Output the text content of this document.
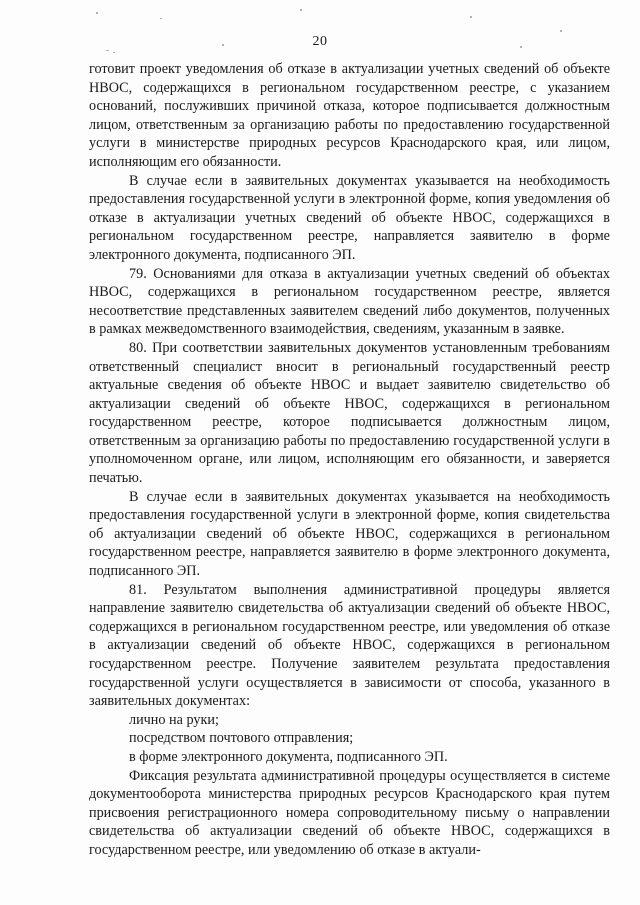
20

готовит проект уведомления об отказе в актуализации учетных сведений об объекте НВОС, содержащихся в региональном государственном реестре, с указанием оснований, послуживших причиной отказа, которое подписывается должностным лицом, ответственным за организацию работы по предоставлению государственной услуги в министерстве природных ресурсов Краснодарского края, или лицом, исполняющим его обязанности.

В случае если в заявительных документах указывается на необходимость предоставления государственной услуги в электронной форме, копия уведомления об отказе в актуализации учетных сведений об объекте НВОС, содержащихся в региональном государственном реестре, направляется заявителю в форме электронного документа, подписанного ЭП.

79. Основаниями для отказа в актуализации учетных сведений об объектах НВОС, содержащихся в региональном государственном реестре, является несоответствие представленных заявителем сведений либо документов, полученных в рамках межведомственного взаимодействия, сведениям, указанным в заявке.

80. При соответствии заявительных документов установленным требованиям ответственный специалист вносит в региональный государственный реестр актуальные сведения об объекте НВОС и выдает заявителю свидетельство об актуализации сведений об объекте НВОС, содержащихся в региональном государственном реестре, которое подписывается должностным лицом, ответственным за организацию работы по предоставлению государственной услуги в уполномоченном органе, или лицом, исполняющим его обязанности, и заверяется печатью.

В случае если в заявительных документах указывается на необходимость предоставления государственной услуги в электронной форме, копия свидетельства об актуализации сведений об объекте НВОС, содержащихся в региональном государственном реестре, направляется заявителю в форме электронного документа, подписанного ЭП.

81. Результатом выполнения административной процедуры является направление заявителю свидетельства об актуализации сведений об объекте НВОС, содержащихся в региональном государственном реестре, или уведомления об отказе в актуализации сведений об объекте НВОС, содержащихся в региональном государственном реестре. Получение заявителем результата предоставления государственной услуги осуществляется в зависимости от способа, указанного в заявительных документах:

лично на руки;

посредством почтового отправления;

в форме электронного документа, подписанного ЭП.

Фиксация результата административной процедуры осуществляется в системе документооборота министерства природных ресурсов Краснодарского края путем присвоения регистрационного номера сопроводительному письму о направлении свидетельства об актуализации сведений об объекте НВОС, содержащихся в государственном реестре, или уведомлению об отказе в актуали-
